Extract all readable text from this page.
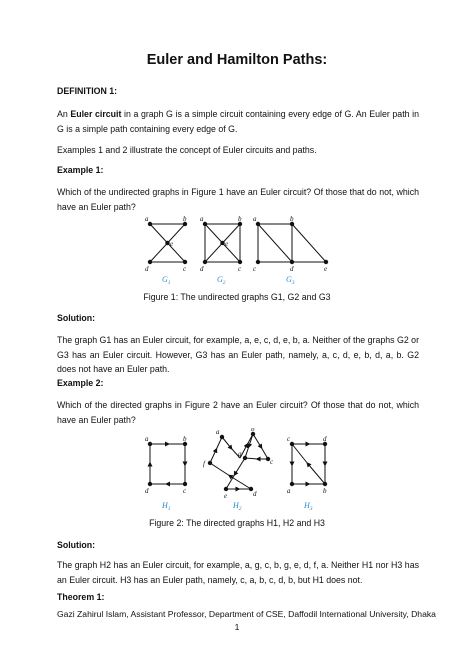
Euler and Hamilton Paths:
DEFINITION 1:
An Euler circuit in a graph G is a simple circuit containing every edge of G. An Euler path in G is a simple path containing every edge of G.
Examples 1 and 2 illustrate the concept of Euler circuits and paths.
Example 1:
Which of the undirected graphs in Figure 1 have an Euler circuit? Of those that do not, which have an Euler path?
a	b
d	c
e
a	b
d	c
e
a	b
c	d	e
$G_1$	$G_2$	$G_3$
Figure 1: The undirected graphs G1, G2 and G3
Solution:
The graph G1 has an Euler circuit, for example, a, e, c, d, e, b, a. Neither of the graphs G2 or G3 has an Euler circuit. However, G3 has an Euler path, namely, a, c, d, e, b, d, a, b. G2 does not have an Euler path.
Example 2:
Which of the directed graphs in Figure 2 have an Euler circuit? Of those that do not, which have an Euler path?
a	b
d	c
a	b
f
g
c
e	d
c	d
a	b
$H_1$	$H_2$	$H_3$
Figure 2: The directed graphs H1, H2 and H3
Solution:
The graph H2 has an Euler circuit, for example, a, g, c, b, g, e, d, f, a. Neither H1 nor H3 has an Euler circuit. H3 has an Euler path, namely, c, a, b, c, d, b, but H1 does not.
Theorem 1:
Gazi Zahirul Islam, Assistant Professor, Department of CSE, Daffodil International University, Dhaka
1
